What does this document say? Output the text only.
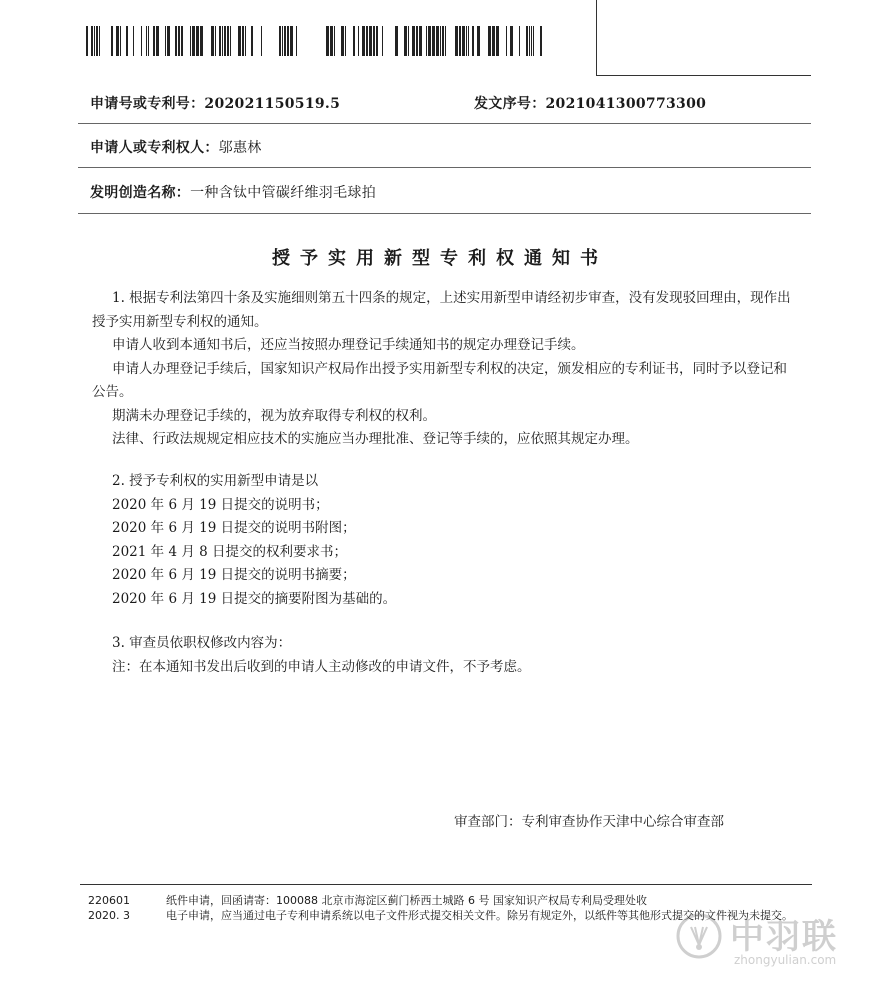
申请号或专利号：202021150519.5	发文序号：2021041300773300
申请人或专利权人：邬惠林
发明创造名称：一种含钛中管碳纤维羽毛球拍
授予实用新型专利权通知书

1. 根据专利法第四十条及实施细则第五十四条的规定，上述实用新型申请经初步审查，没有发现驳回理由，现作出授予实用新型专利权的通知。

申请人收到本通知书后，还应当按照办理登记手续通知书的规定办理登记手续。

申请人办理登记手续后，国家知识产权局作出授予实用新型专利权的决定，颁发相应的专利证书，同时予以登记和公告。

期满未办理登记手续的，视为放弃取得专利权的权利。

法律、行政法规规定相应技术的实施应当办理批准、登记等手续的，应依照其规定办理。

2. 授予专利权的实用新型申请是以

2020 年 6 月 19 日提交的说明书；

2020 年 6 月 19 日提交的说明书附图；

2021 年 4 月 8 日提交的权利要求书；

2020 年 6 月 19 日提交的说明书摘要；

2020 年 6 月 19 日提交的摘要附图为基础的。

3. 审查员依职权修改内容为：

注：在本通知书发出后收到的申请人主动修改的申请文件，不予考虑。

审查部门：专利审查协作天津中心综合审查部
220601
2020. 3
纸件申请，回函请寄：100088 北京市海淀区蓟门桥西土城路 6 号 国家知识产权局专利局受理处收
电子申请，应当通过电子专利申请系统以电子文件形式提交相关文件。除另有规定外，以纸件等其他形式提交的文件视为未提交。
中羽联
zhongyulian.com
